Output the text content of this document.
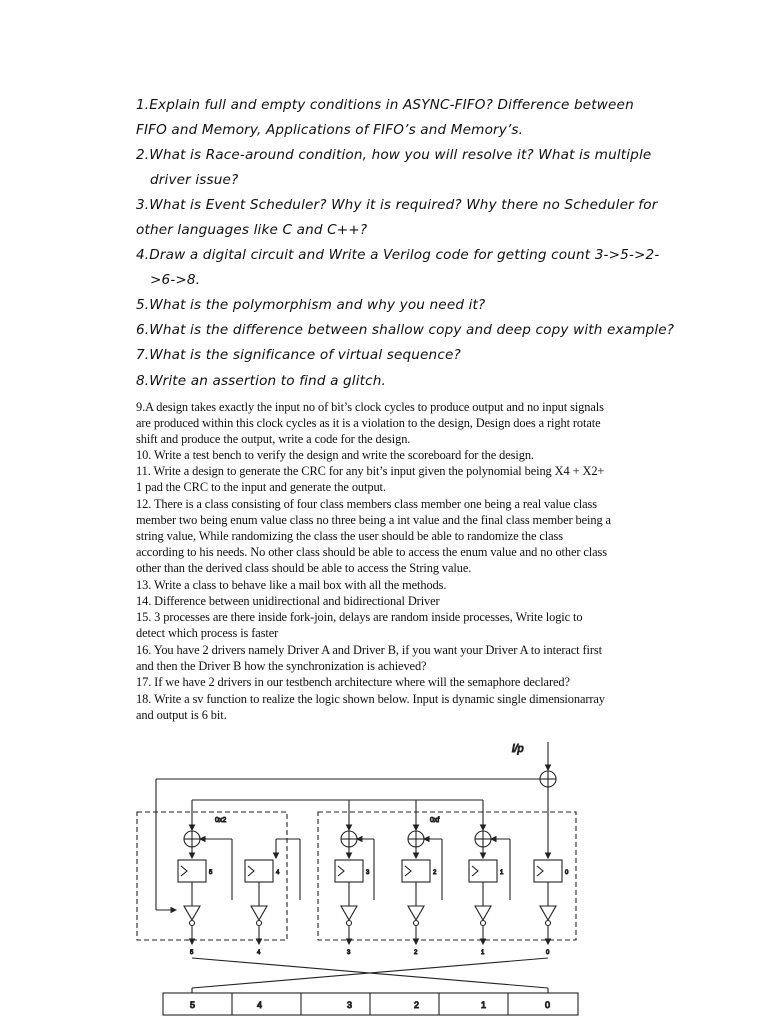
1.Explain full and empty conditions in ASYNC-FIFO? Difference between
FIFO and Memory, Applications of FIFO’s and Memory’s.
2.What is Race-around condition, how you will resolve it? What is multiple
driver issue?
3.What is Event Scheduler? Why it is required? Why there no Scheduler for
other languages like C and C++?
4.Draw a digital circuit and Write a Verilog code for getting count 3->5->2-
>6->8.
5.What is the polymorphism and why you need it?
6.What is the difference between shallow copy and deep copy with example?
7.What is the significance of virtual sequence?
8.Write an assertion to find a glitch.
9.A design takes exactly the input no of bit’s clock cycles to produce output and no input signals
are produced within this clock cycles as it is a violation to the design, Design does a right rotate
shift and produce the output, write a code for the design.
10. Write a test bench to verify the design and write the scoreboard for the design.
11. Write a design to generate the CRC for any bit’s input given the polynomial being X4 + X2+
1 pad the CRC to the input and generate the output.
12. There is a class consisting of four class members class member one being a real value class
member two being enum value class no three being a int value and the final class member being a
string value, While randomizing the class the user should be able to randomize the class
according to his needs. No other class should be able to access the enum value and no other class
other than the derived class should be able to access the String value.
13. Write a class to behave like a mail box with all the methods.
14. Difference between unidirectional and bidirectional Driver
15. 3 processes are there inside fork-join, delays are random inside processes, Write logic to
detect which process is faster
16. You have 2 drivers namely Driver A and Driver B, if you want your Driver A to interact first
and then the Driver B how the synchronization is achieved?
17. If we have 2 drivers in our testbench architecture where will the semaphore declared?
18. Write a sv function to realize the logic shown below. Input is dynamic single dimensionarray
and output is 6 bit.
i/p
0x2	0xf
5	4	3	2	1	0
5	4	3	2	1	0
5	4	3	2	1	0
